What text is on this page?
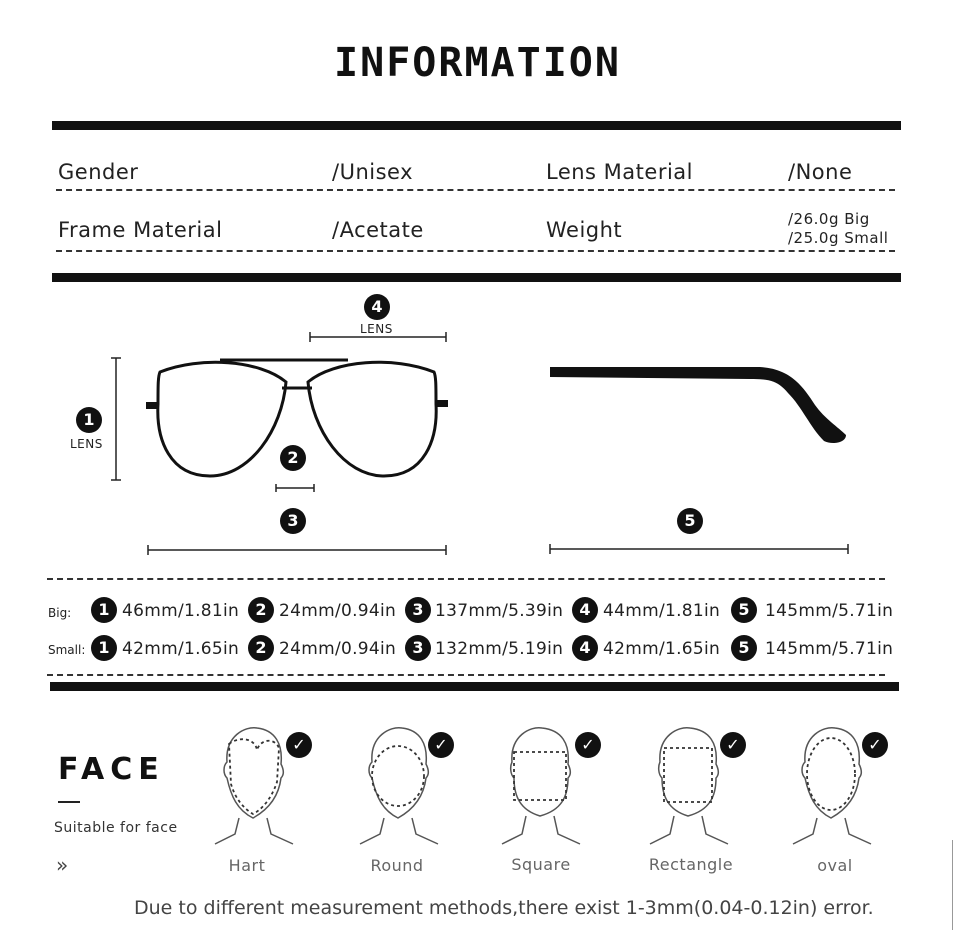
INFORMATION
Gender	/Unisex	Lens Material	/None
Frame Material	/Acetate	Weight	/26.0g Big
/25.0g Small
4
LENS
1
LENS
2
3	5
Big:	1 46mm/1.81in	2 24mm/0.94in	3 137mm/5.39in	4 44mm/1.81in	5 145mm/5.71in
Small: 1 42mm/1.65in	2 24mm/0.94in	3 132mm/5.19in	4 42mm/1.65in	5 145mm/5.71in
FACE
Suitable for face
»
✓	✓	✓	✓	✓
Hart	Round	Square	Rectangle	oval
Due to different measurement methods,there exist 1-3mm(0.04-0.12in) error.
